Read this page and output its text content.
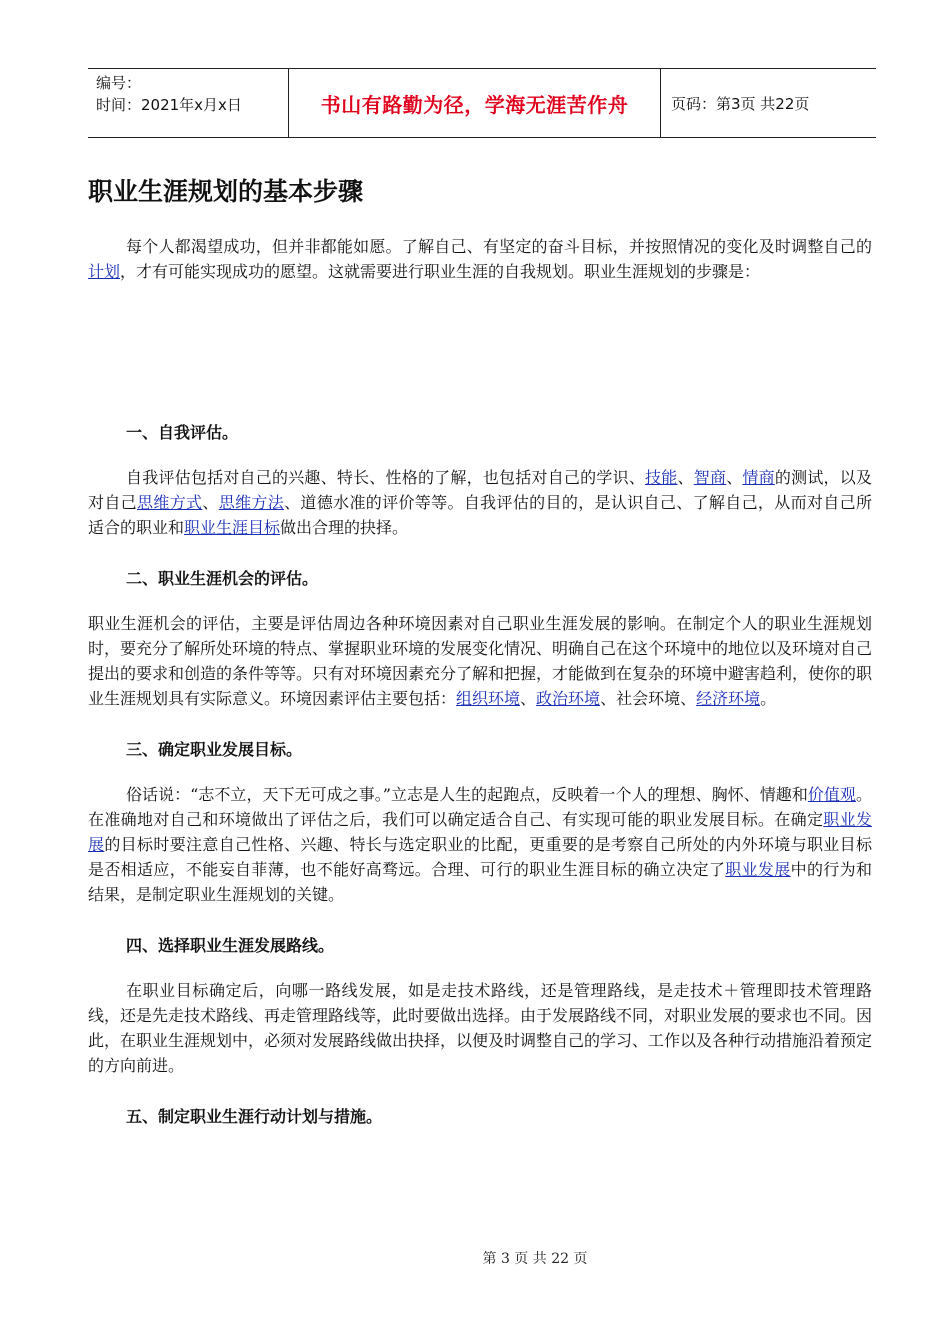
编号：
时间：2021年x月x日	书山有路勤为径，学海无涯苦作舟	页码：第3页 共22页
职业生涯规划的基本步骤

每个人都渴望成功，但并非都能如愿。了解自己、有坚定的奋斗目标，并按照情况的变化及时调整自己的计划，才有可能实现成功的愿望。这就需要进行职业生涯的自我规划。职业生涯规划的步骤是：

一、自我评估。

自我评估包括对自己的兴趣、特长、性格的了解，也包括对自己的学识、技能、智商、情商的测试，以及对自己思维方式、思维方法、道德水准的评价等等。自我评估的目的，是认识自己、了解自己，从而对自己所适合的职业和职业生涯目标做出合理的抉择。

二、职业生涯机会的评估。

职业生涯机会的评估，主要是评估周边各种环境因素对自己职业生涯发展的影响。在制定个人的职业生涯规划时，要充分了解所处环境的特点、掌握职业环境的发展变化情况、明确自己在这个环境中的地位以及环境对自己提出的要求和创造的条件等等。只有对环境因素充分了解和把握，才能做到在复杂的环境中避害趋利，使你的职业生涯规划具有实际意义。环境因素评估主要包括：组织环境、政治环境、社会环境、经济环境。

三、确定职业发展目标。

俗话说：“志不立，天下无可成之事。”立志是人生的起跑点，反映着一个人的理想、胸怀、情趣和价值观。在准确地对自己和环境做出了评估之后，我们可以确定适合自己、有实现可能的职业发展目标。在确定职业发展的目标时要注意自己性格、兴趣、特长与选定职业的比配，更重要的是考察自己所处的内外环境与职业目标是否相适应，不能妄自菲薄，也不能好高骛远。合理、可行的职业生涯目标的确立决定了职业发展中的行为和结果，是制定职业生涯规划的关键。

四、选择职业生涯发展路线。

在职业目标确定后，向哪一路线发展，如是走技术路线，还是管理路线，是走技术＋管理即技术管理路线，还是先走技术路线、再走管理路线等，此时要做出选择。由于发展路线不同，对职业发展的要求也不同。因此，在职业生涯规划中，必须对发展路线做出抉择，以便及时调整自己的学习、工作以及各种行动措施沿着预定的方向前进。

五、制定职业生涯行动计划与措施。
第 3 页 共 22 页
